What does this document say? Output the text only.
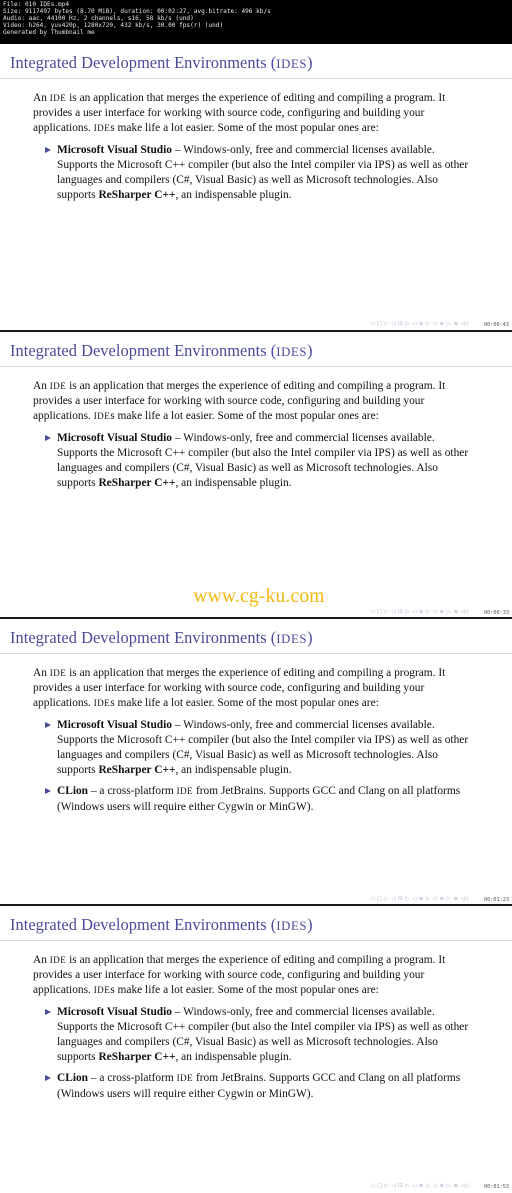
File: 010 IDEs.mp4
Size: 9117497 bytes (8.70 MiB), duration: 00:02:27, avg.bitrate: 496 kb/s
Audio: aac, 44100 Hz, 2 channels, s16, 58 kb/s (und)
Video: h264, yuv420p, 1280x720, 432 kb/s, 30.00 fps(r) (und)
Generated by Thumbnail me
Integrated Development Environments (IDES)

An IDE is an application that merges the experience of editing and compiling a program. It provides a user interface for working with source code, configuring and building your applications. IDEs make life a lot easier. Some of the most popular ones are:

Microsoft Visual Studio – Windows-only, free and commercial licenses available. Supports the Microsoft C++ compiler (but also the Intel compiler via IPS) as well as other languages and compilers (C#, Visual Basic) as well as Microsoft technologies. Also supports ReSharper C++, an indispensable plugin.
◁ ▢ ▷ ◁ ⊡ ▷ ◁ ≡ ▷ ◁ ≡ ▷ ≡ ◁◇	00:00:43
Integrated Development Environments (IDES)

An IDE is an application that merges the experience of editing and compiling a program. It provides a user interface for working with source code, configuring and building your applications. IDEs make life a lot easier. Some of the most popular ones are:

Microsoft Visual Studio – Windows-only, free and commercial licenses available. Supports the Microsoft C++ compiler (but also the Intel compiler via IPS) as well as other languages and compilers (C#, Visual Basic) as well as Microsoft technologies. Also supports ReSharper C++, an indispensable plugin.
www.cg-ku.com
◁ ▢ ▷ ◁ ⊡ ▷ ◁ ≡ ▷ ◁ ≡ ▷ ≡ ◁◇	00:00:33
Integrated Development Environments (IDES)

An IDE is an application that merges the experience of editing and compiling a program. It provides a user interface for working with source code, configuring and building your applications. IDEs make life a lot easier. Some of the most popular ones are:

Microsoft Visual Studio – Windows-only, free and commercial licenses available. Supports the Microsoft C++ compiler (but also the Intel compiler via IPS) as well as other languages and compilers (C#, Visual Basic) as well as Microsoft technologies. Also supports ReSharper C++, an indispensable plugin.
CLion – a cross-platform IDE from JetBrains. Supports GCC and Clang on all platforms (Windows users will require either Cygwin or MinGW).
◁ ▢ ▷ ◁ ⊡ ▷ ◁ ≡ ▷ ◁ ≡ ▷ ≡ ◁◇	00:01:23
Integrated Development Environments (IDES)

An IDE is an application that merges the experience of editing and compiling a program. It provides a user interface for working with source code, configuring and building your applications. IDEs make life a lot easier. Some of the most popular ones are:

Microsoft Visual Studio – Windows-only, free and commercial licenses available. Supports the Microsoft C++ compiler (but also the Intel compiler via IPS) as well as other languages and compilers (C#, Visual Basic) as well as Microsoft technologies. Also supports ReSharper C++, an indispensable plugin.
CLion – a cross-platform IDE from JetBrains. Supports GCC and Clang on all platforms (Windows users will require either Cygwin or MinGW).
◁ ▢ ▷ ◁ ⊡ ▷ ◁ ≡ ▷ ◁ ≡ ▷ ≡ ◁◇	00:01:53
